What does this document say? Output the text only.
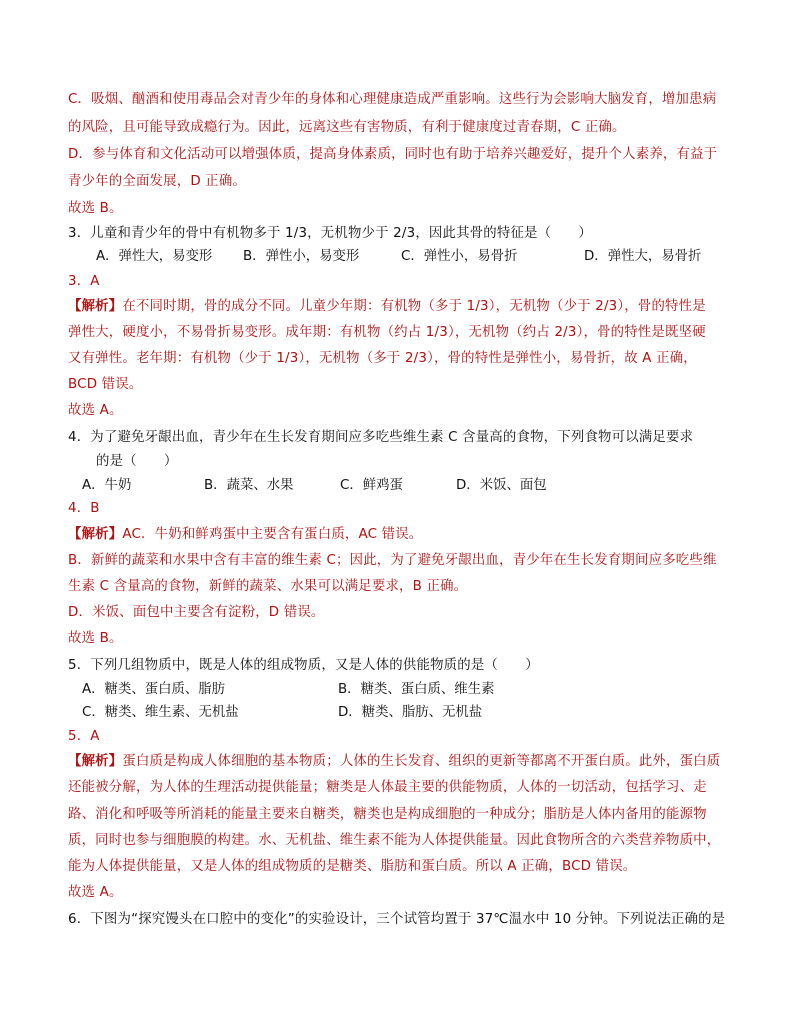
C．吸烟、酗酒和使用毒品会对青少年的身体和心理健康造成严重影响。这些行为会影响大脑发育，增加患病
的风险，且可能导致成瘾行为。因此，远离这些有害物质，有利于健康度过青春期，C 正确。
D．参与体育和文化活动可以增强体质，提高身体素质，同时也有助于培养兴趣爱好，提升个人素养，有益于
青少年的全面发展，D 正确。
故选 B。
3．儿童和青少年的骨中有机物多于 1/3，无机物少于 2/3，因此其骨的特征是（　　）
A．弹性大，易变形 B．弹性小，易变形	C．弹性小，易骨折	D．弹性大，易骨折
3．A
【解析】在不同时期，骨的成分不同。儿童少年期：有机物（多于 1/3），无机物（少于 2/3），骨的特性是
弹性大，硬度小，不易骨折易变形。成年期：有机物（约占 1/3），无机物（约占 2/3），骨的特性是既坚硬
又有弹性。老年期：有机物（少于 1/3），无机物（多于 2/3），骨的特性是弹性小，易骨折，故 A 正确，
BCD 错误。
故选 A。
4．为了避免牙龈出血，青少年在生长发育期间应多吃些维生素 C 含量高的食物，下列食物可以满足要求
的是（　　）
A．牛奶	B．蔬菜、水果	C．鲜鸡蛋	D．米饭、面包
4．B
【解析】AC．牛奶和鲜鸡蛋中主要含有蛋白质，AC 错误。
B．新鲜的蔬菜和水果中含有丰富的维生素 C；因此，为了避免牙龈出血，青少年在生长发育期间应多吃些维
生素 C 含量高的食物，新鲜的蔬菜、水果可以满足要求，B 正确。
D．米饭、面包中主要含有淀粉，D 错误。
故选 B。
5．下列几组物质中，既是人体的组成物质，又是人体的供能物质的是（　　）
A．糖类、蛋白质、脂肪	B．糖类、蛋白质、维生素
C．糖类、维生素、无机盐	D．糖类、脂肪、无机盐
5．A
【解析】蛋白质是构成人体细胞的基本物质；人体的生长发育、组织的更新等都离不开蛋白质。此外，蛋白质
还能被分解，为人体的生理活动提供能量；糖类是人体最主要的供能物质，人体的一切活动，包括学习、走
路、消化和呼吸等所消耗的能量主要来自糖类，糖类也是构成细胞的一种成分；脂肪是人体内备用的能源物
质，同时也参与细胞膜的构建。水、无机盐、维生素不能为人体提供能量。因此食物所含的六类营养物质中，
能为人体提供能量，又是人体的组成物质的是糖类、脂肪和蛋白质。所以 A 正确，BCD 错误。
故选 A。
6．下图为“探究馒头在口腔中的变化”的实验设计，三个试管均置于 37℃温水中 10 分钟。下列说法正确的是
